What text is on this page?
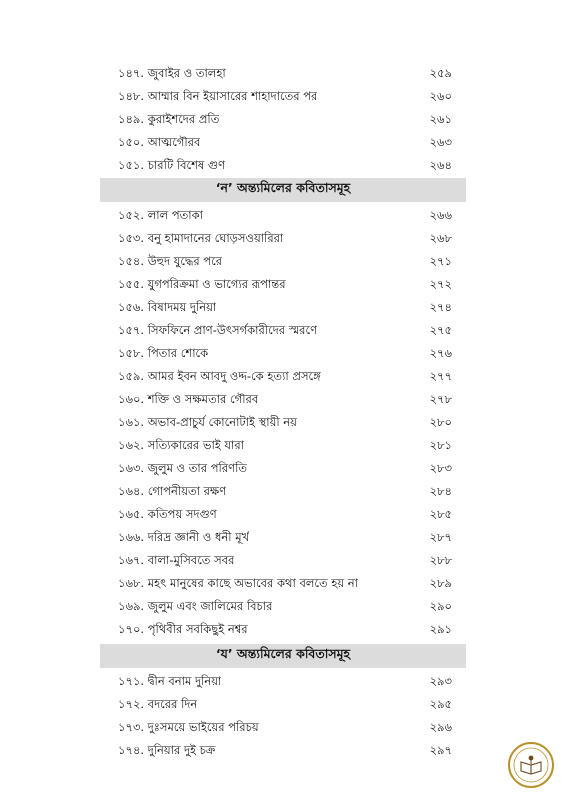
১৪৭. জুবাইর ও তালহা	২৫৯
১৪৮. আম্মার বিন ইয়াসারের শাহাদাতের পর	২৬০
১৪৯. কুরাইশদের প্রতি	২৬১
১৫০. আত্মগৌরব	২৬৩
১৫১. চারটি বিশেষ গুণ	২৬৪
‘ন’ অন্ত্যমিলের কবিতাসমূহ
১৫২. লাল পতাকা	২৬৬
১৫৩. বনু হামাদানের ঘোড়সওয়ারিরা	২৬৮
১৫৪. উহুদ যুদ্ধের পরে	২৭১
১৫৫. যুগপরিক্রমা ও ভাগ্যের রূপান্তর	২৭২
১৫৬. বিষাদময় দুনিয়া	২৭৪
১৫৭. সিফফিনে প্রাণ-উৎসর্গকারীদের স্মরণে	২৭৫
১৫৮. পিতার শোকে	২৭৬
১৫৯. আমর ইবন আবদু ওদ্দ-কে হত্যা প্রসঙ্গে	২৭৭
১৬০. শক্তি ও সক্ষমতার গৌরব	২৭৮
১৬১. অভাব-প্রাচুর্য কোনোটাই স্থায়ী নয়	২৮০
১৬২. সত্যিকারের ভাই যারা	২৮১
১৬৩. জুলুম ও তার পরিণতি	২৮৩
১৬৪. গোপনীয়তা রক্ষণ	২৮৪
১৬৫. কতিপয় সদগুণ	২৮৫
১৬৬. দরিদ্র জ্ঞানী ও ধনী মূর্খ	২৮৭
১৬৭. বালা-মুসিবতে সবর	২৮৮
১৬৮. মহৎ মানুষের কাছে অভাবের কথা বলতে হয় না	২৮৯
১৬৯. জুলুম এবং জালিমের বিচার	২৯০
১৭০. পৃথিবীর সবকিছুই নশ্বর	২৯১
‘য’ অন্ত্যমিলের কবিতাসমূহ
১৭১. দ্বীন বনাম দুনিয়া	২৯৩
১৭২. বদরের দিন	২৯৫
১৭৩. দুঃসময়ে ভাইয়ের পরিচয়	২৯৬
১৭৪. দুনিয়ার দুই চক্র	২৯৭
